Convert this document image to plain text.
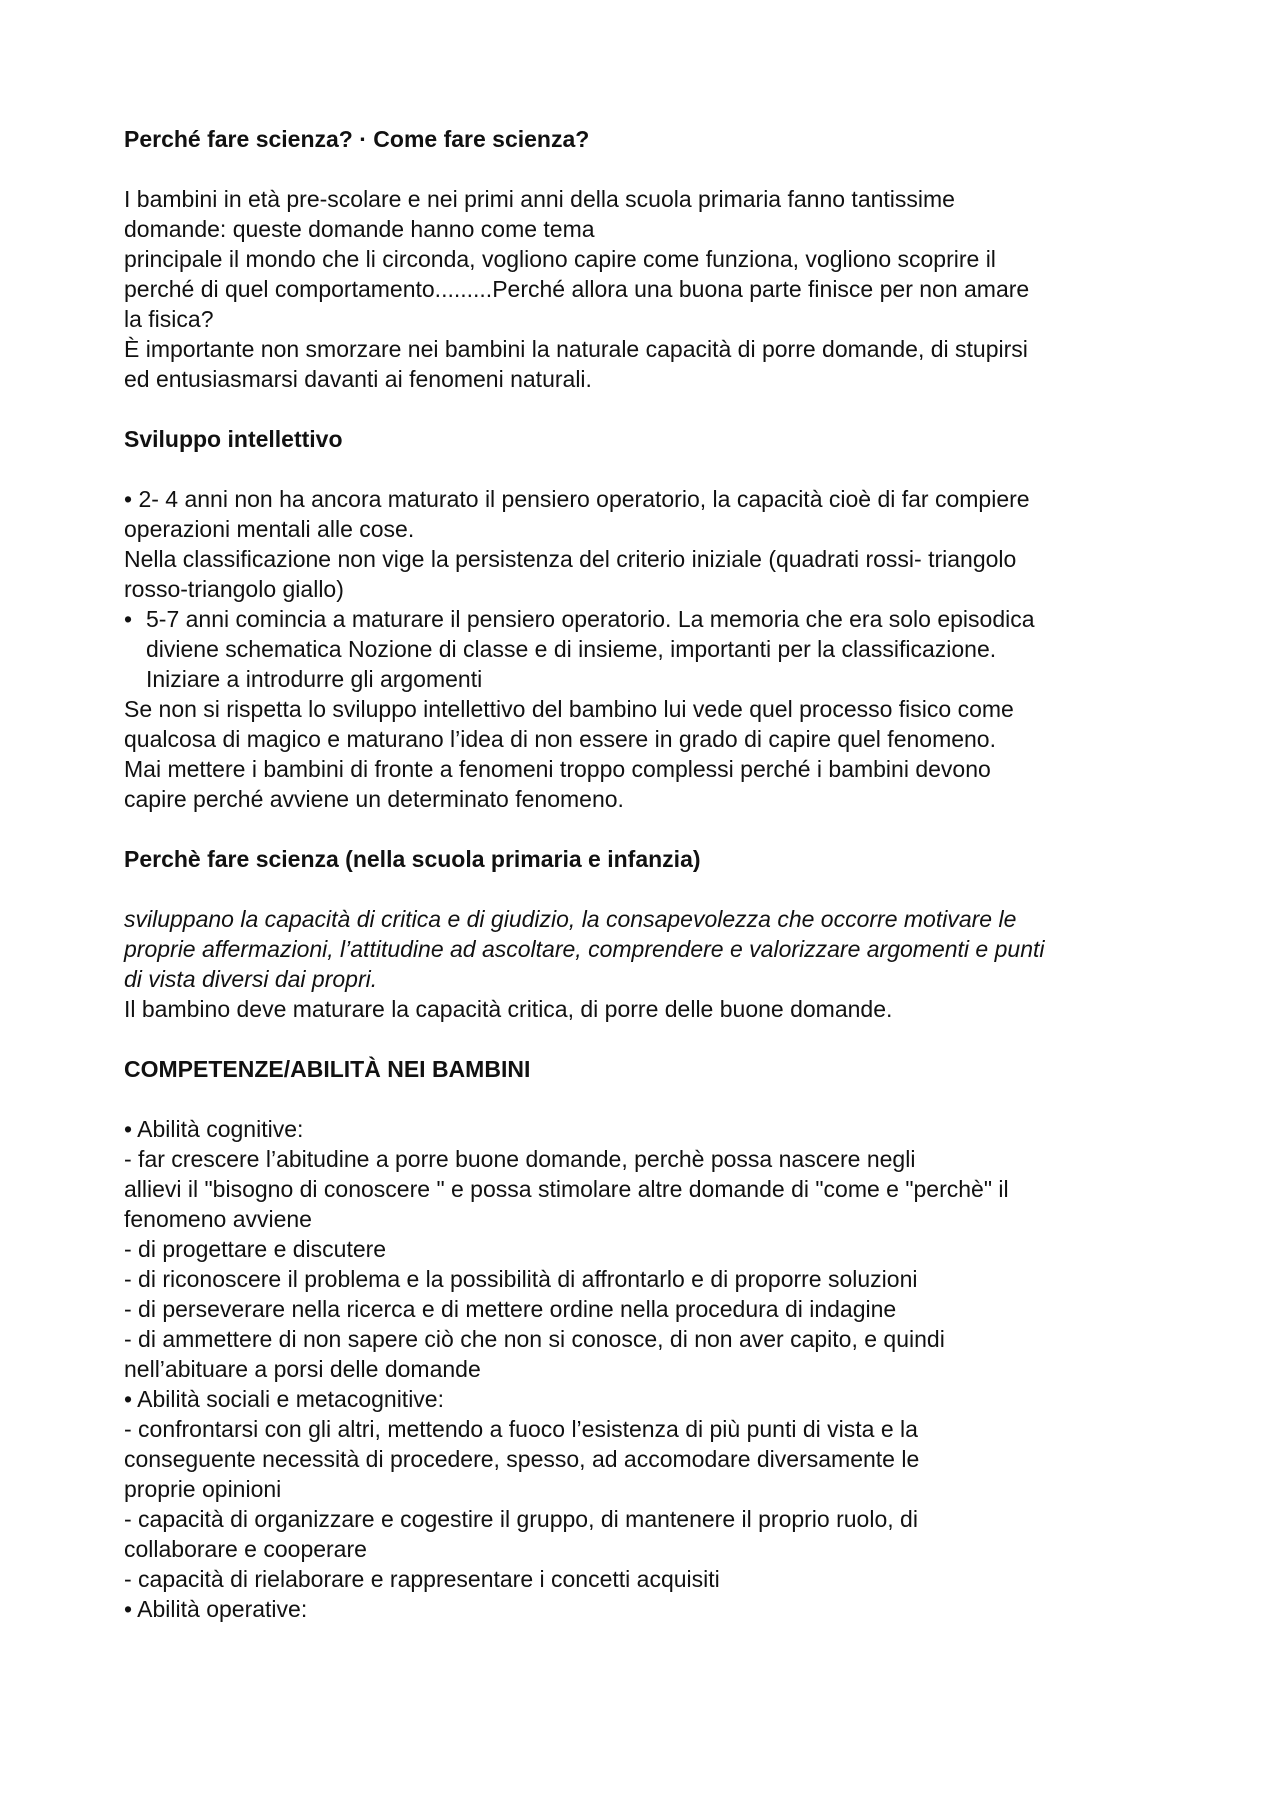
Perché fare scienza? · Come fare scienza?
I bambini in età pre-scolare e nei primi anni della scuola primaria fanno tantissime
domande: queste domande hanno come tema
principale il mondo che li circonda, vogliono capire come funziona, vogliono scoprire il
perché di quel comportamento.........Perché allora una buona parte finisce per non amare
la fisica?
È importante non smorzare nei bambini la naturale capacità di porre domande, di stupirsi
ed entusiasmarsi davanti ai fenomeni naturali.
Sviluppo intellettivo
• 2- 4 anni non ha ancora maturato il pensiero operatorio, la capacità cioè di far compiere
operazioni mentali alle cose.
Nella classificazione non vige la persistenza del criterio iniziale (quadrati rossi- triangolo
rosso-triangolo giallo)
• 5-7 anni comincia a maturare il pensiero operatorio. La memoria che era solo episodica
diviene schematica Nozione di classe e di insieme, importanti per la classificazione.
Iniziare a introdurre gli argomenti
Se non si rispetta lo sviluppo intellettivo del bambino lui vede quel processo fisico come
qualcosa di magico e maturano l’idea di non essere in grado di capire quel fenomeno.
Mai mettere i bambini di fronte a fenomeni troppo complessi perché i bambini devono
capire perché avviene un determinato fenomeno.
Perchè fare scienza (nella scuola primaria e infanzia)
sviluppano la capacità di critica e di giudizio, la consapevolezza che occorre motivare le
proprie affermazioni, l’attitudine ad ascoltare, comprendere e valorizzare argomenti e punti
di vista diversi dai propri.
Il bambino deve maturare la capacità critica, di porre delle buone domande.
COMPETENZE/ABILITÀ NEI BAMBINI
• Abilità cognitive:
- far crescere l’abitudine a porre buone domande, perchè possa nascere negli
allievi il "bisogno di conoscere " e possa stimolare altre domande di "come e "perchè" il
fenomeno avviene
- di progettare e discutere
- di riconoscere il problema e la possibilità di affrontarlo e di proporre soluzioni
- di perseverare nella ricerca e di mettere ordine nella procedura di indagine
- di ammettere di non sapere ciò che non si conosce, di non aver capito, e quindi
nell’abituare a porsi delle domande
• Abilità sociali e metacognitive:
- confrontarsi con gli altri, mettendo a fuoco l’esistenza di più punti di vista e la
conseguente necessità di procedere, spesso, ad accomodare diversamente le
proprie opinioni
- capacità di organizzare e cogestire il gruppo, di mantenere il proprio ruolo, di
collaborare e cooperare
- capacità di rielaborare e rappresentare i concetti acquisiti
• Abilità operative:
